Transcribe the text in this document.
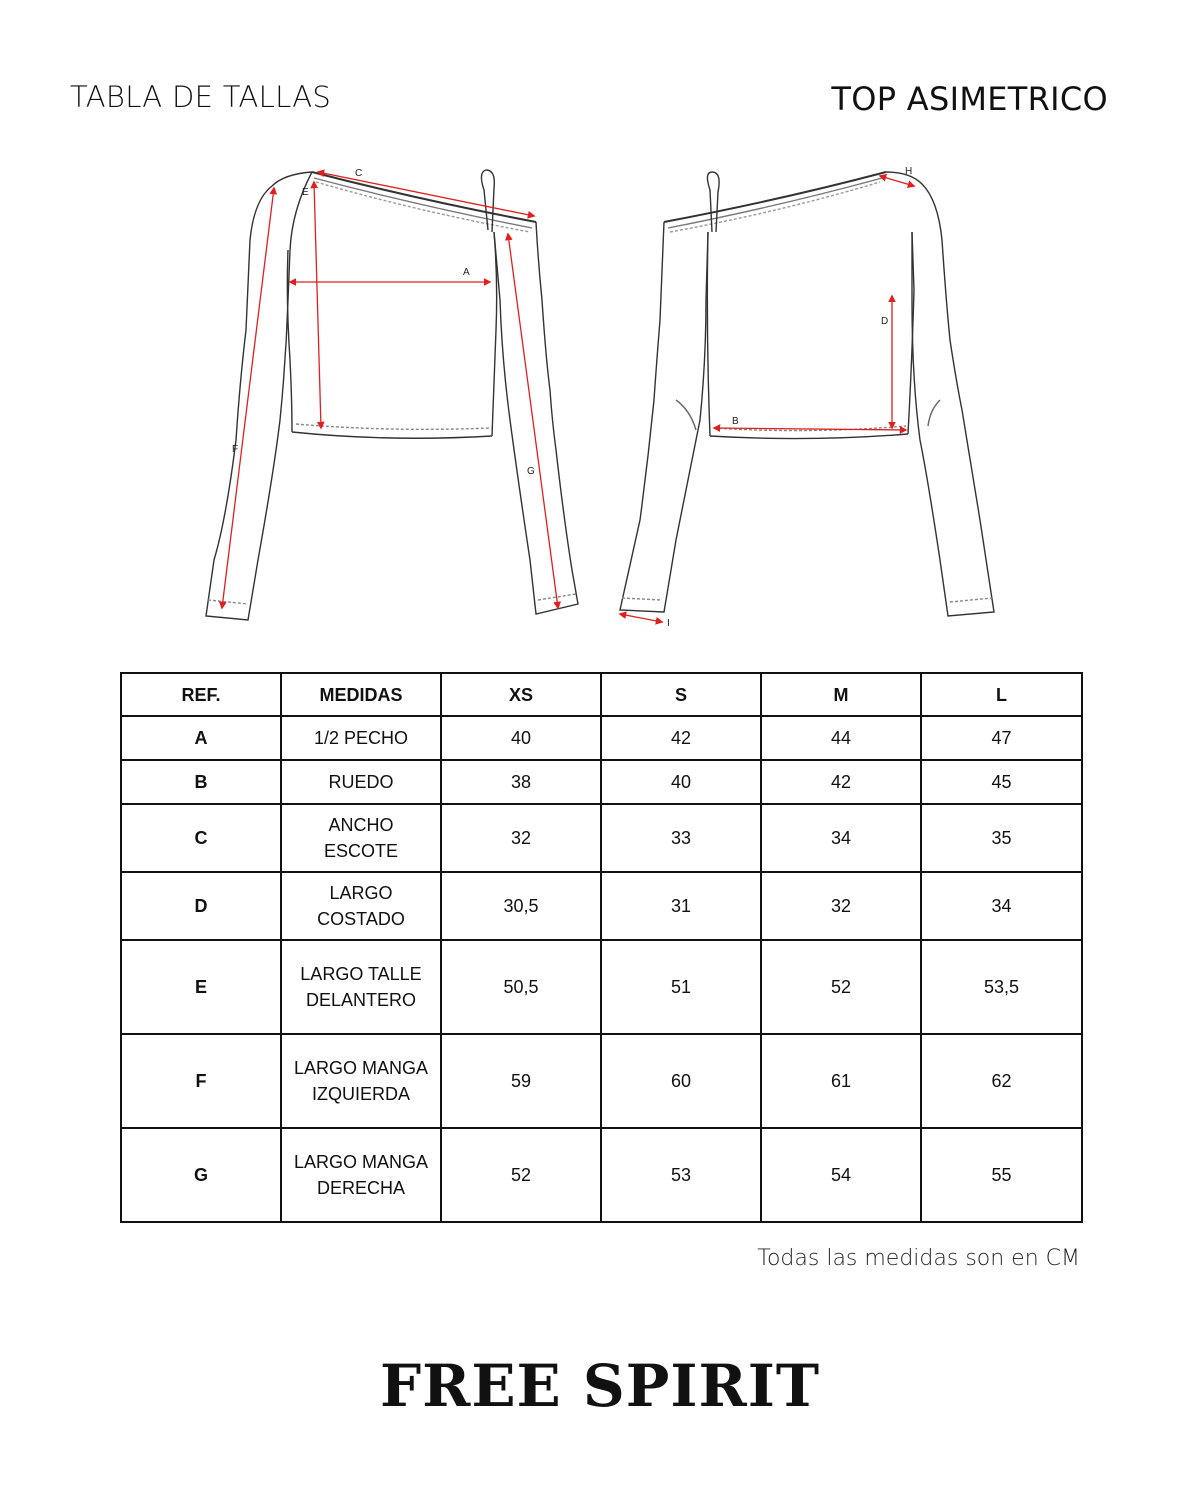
TABLA DE TALLAS	TOP ASIMETRICO
C
E
A
F
G
H
D
B
I
REF.	MEDIDAS	XS	S	M	L
A	1/2 PECHO	40	42	44	47
B	RUEDO	38	40	42	45
C	ANCHO ESCOTE	32	33	34	35
D	LARGO COSTADO	30,5	31	32	34
E	LARGO TALLE DELANTERO	50,5	51	52	53,5
F	LARGO MANGA IZQUIERDA	59	60	61	62
G	LARGO MANGA DERECHA	52	53	54	55
Todas las medidas son en CM
FREE SPIRIT
